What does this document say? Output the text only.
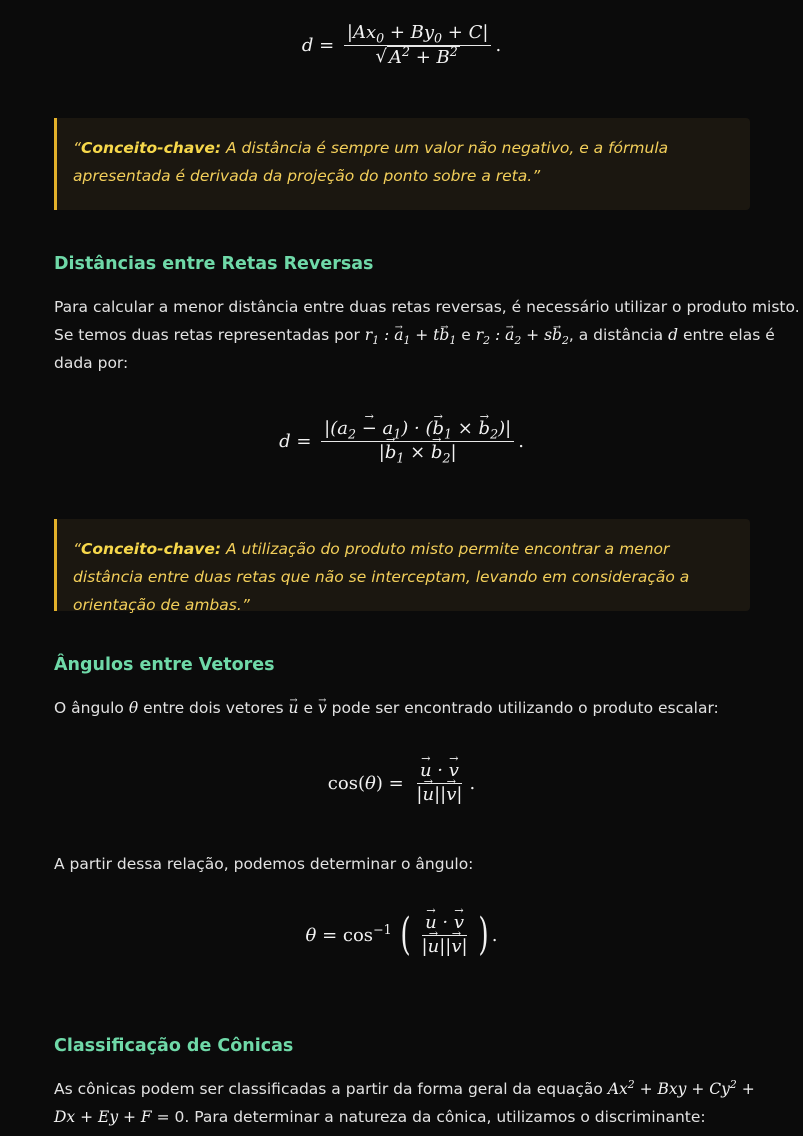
$d = \frac{|Ax_0 + By_0 + C|}{√ A^2 + B^2}$ .
“Conceito-chave: A distância é sempre um valor não negativo, e a fórmula apresentada é derivada da projeção do ponto sobre a reta.”
Distâncias entre Retas Reversas

Para calcular a menor distância entre duas retas reversas, é necessário utilizar o produto misto.

Se temos duas retas representadas por $r_1$ : → $a_1 + t\to b_1$ e $r_2$ : → $a_2 + s\to b_2$, a distância d entre elas é

dada por:

$d = \frac{|(\to a_2 - a_1) \cdot (\to b_1 \times \to b_2)|}{|\to b_1 \times \to b_2|}$ .
“Conceito-chave: A utilização do produto misto permite encontrar a menor distância entre duas retas que não se interceptam, levando em consideração a orientação de ambas.”
Ângulos entre Vetores

O ângulo θ entre dois vetores → u e → v pode ser encontrado utilizando o produto escalar:

cos( θ ) = → $\frac{u \cdot \to v}{|\to u||\to v|}$ .

A partir dessa relação, podemos determinar o ângulo:

$\theta = \cos^{-1}$ ( → $\frac{u \cdot \to v}{|\to u||\to v|}$ ) .
Classificação de Cônicas

As cônicas podem ser classificadas a partir da forma geral da equação $Ax^2$ + Bxy + $Cy^2$ +

Dx + Ey + F = 0. Para determinar a natureza da cônica, utilizamos o discriminante:
